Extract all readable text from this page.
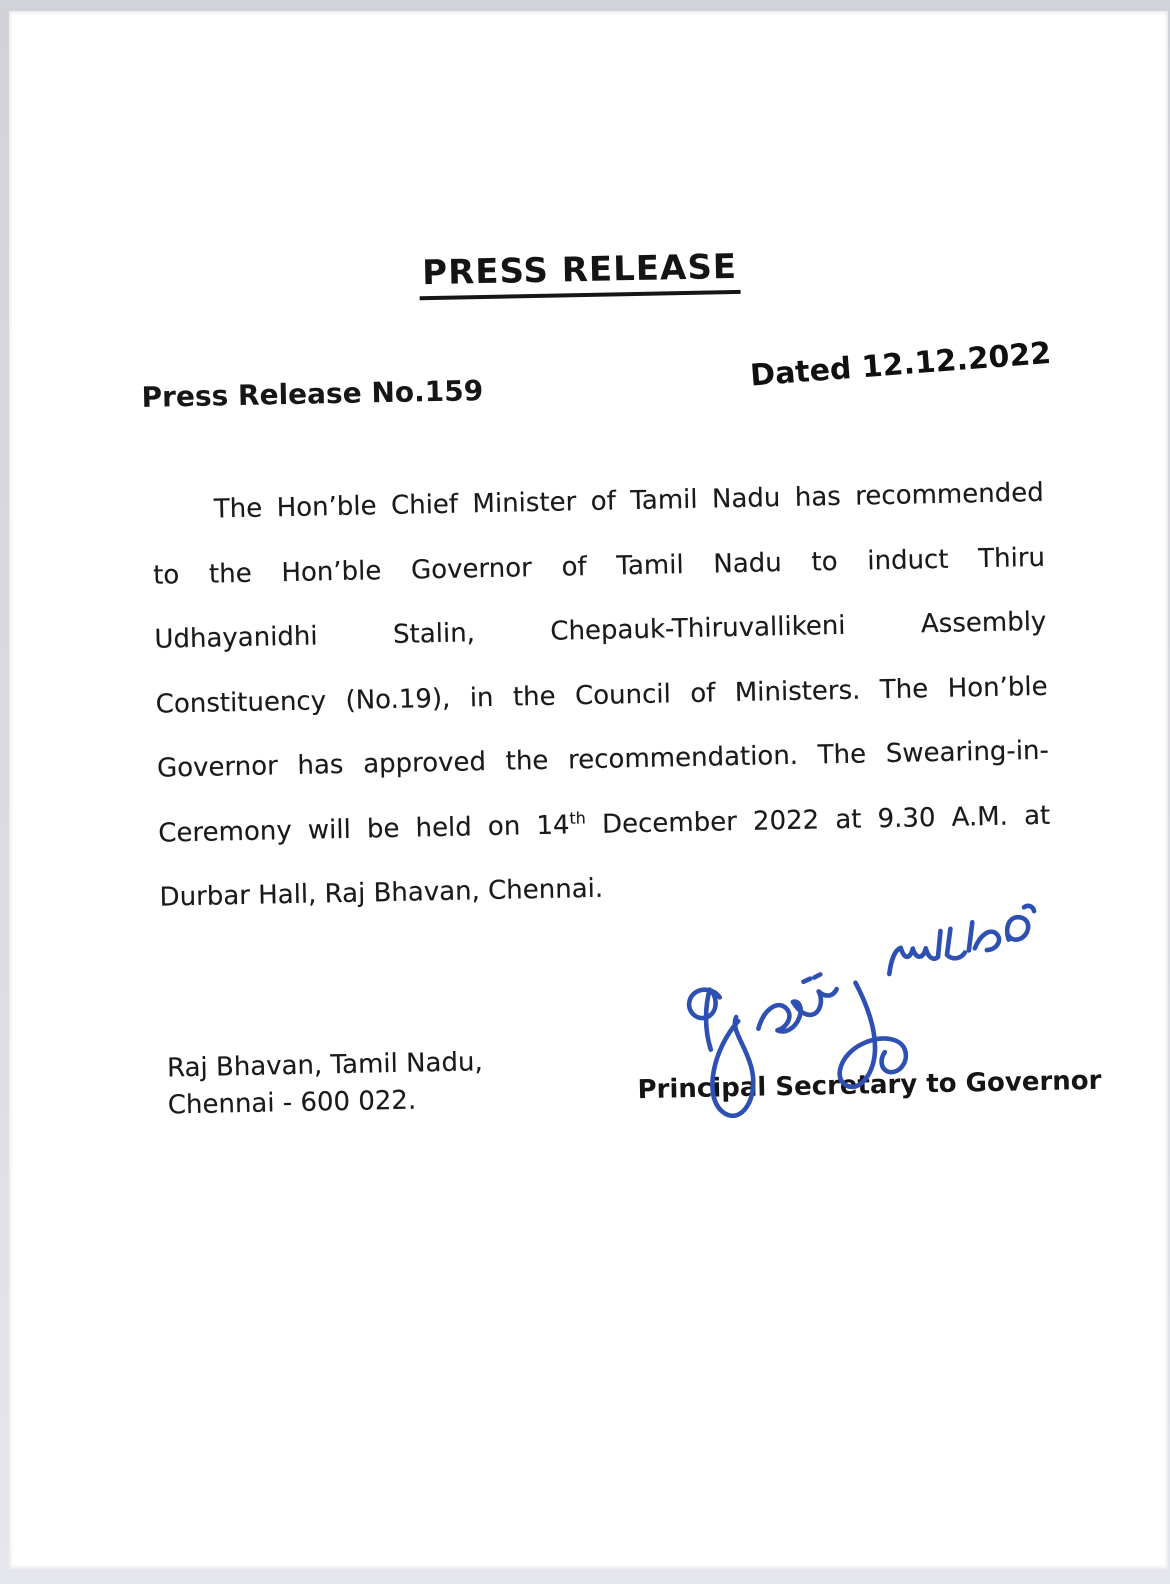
PRESS RELEASE
Press Release No.159
Dated 12.12.2022
The Hon’ble Chief Minister of Tamil Nadu has recommended
to the Hon’ble Governor of Tamil Nadu to induct Thiru
Udhayanidhi Stalin, Chepauk-Thiruvallikeni Assembly
Constituency (No.19), in the Council of Ministers. The Hon’ble
Governor has approved the recommendation. The Swearing-in-
Ceremony will be held on 14th December 2022 at 9.30 A.M. at
Durbar Hall, Raj Bhavan, Chennai.
Raj Bhavan, Tamil Nadu,
Chennai - 600 022.	Principal Secretary to Governor
